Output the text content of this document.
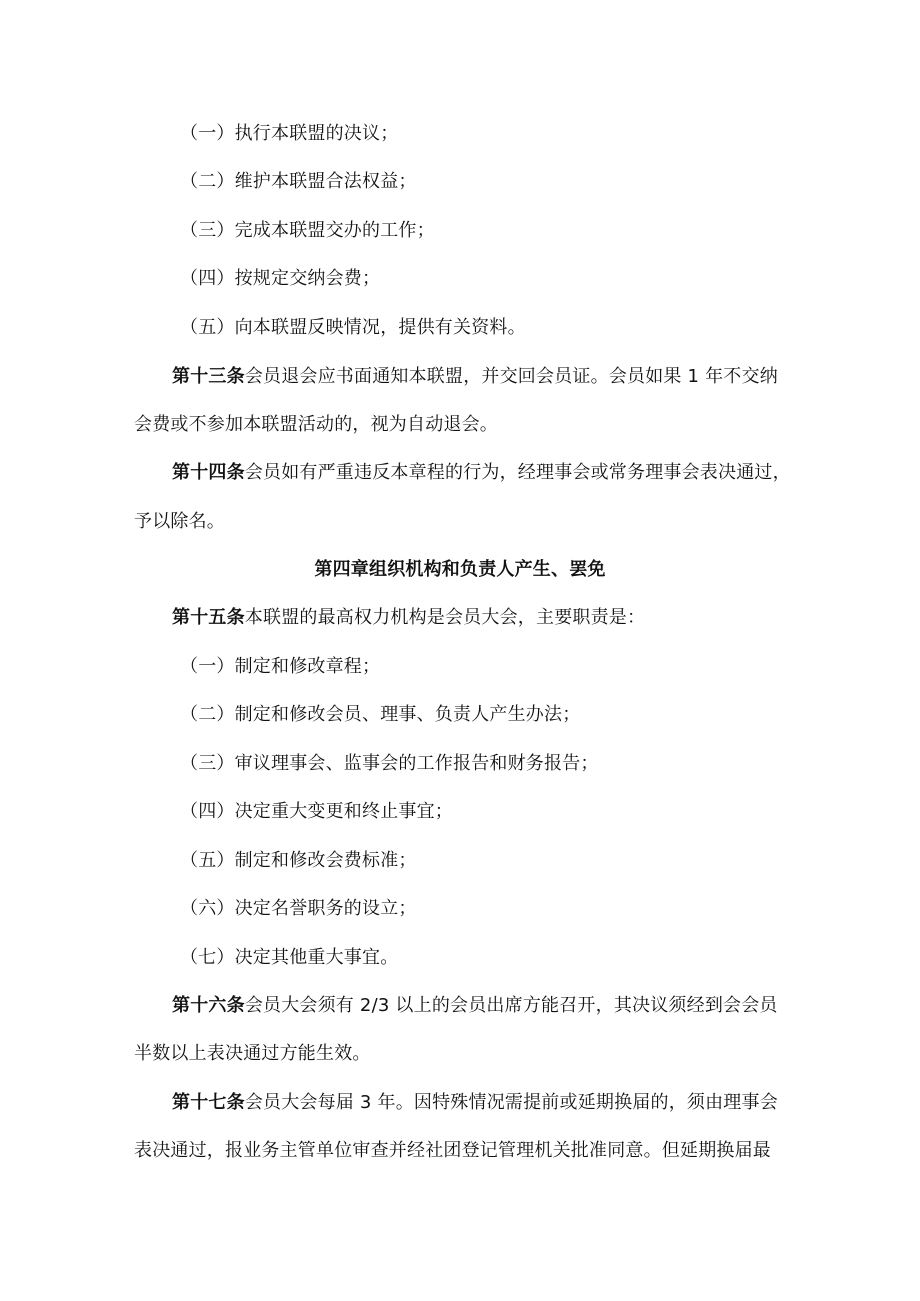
（一）执行本联盟的决议；
（二）维护本联盟合法权益；
（三）完成本联盟交办的工作；
（四）按规定交纳会费；
（五）向本联盟反映情况，提供有关资料。
第十三条会员退会应书面通知本联盟，并交回会员证。会员如果 1 年不交纳
会费或不参加本联盟活动的，视为自动退会。
第十四条会员如有严重违反本章程的行为，经理事会或常务理事会表决通过，
予以除名。
第四章组织机构和负责人产生、罢免
第十五条本联盟的最高权力机构是会员大会，主要职责是：
（一）制定和修改章程；
（二）制定和修改会员、理事、负责人产生办法；
（三）审议理事会、监事会的工作报告和财务报告；
（四）决定重大变更和终止事宜；
（五）制定和修改会费标准；
（六）决定名誉职务的设立；
（七）决定其他重大事宜。
第十六条会员大会须有 2/3 以上的会员出席方能召开，其决议须经到会会员
半数以上表决通过方能生效。
第十七条会员大会每届 3 年。因特殊情况需提前或延期换届的，须由理事会
表决通过，报业务主管单位审查并经社团登记管理机关批准同意。但延期换届最
